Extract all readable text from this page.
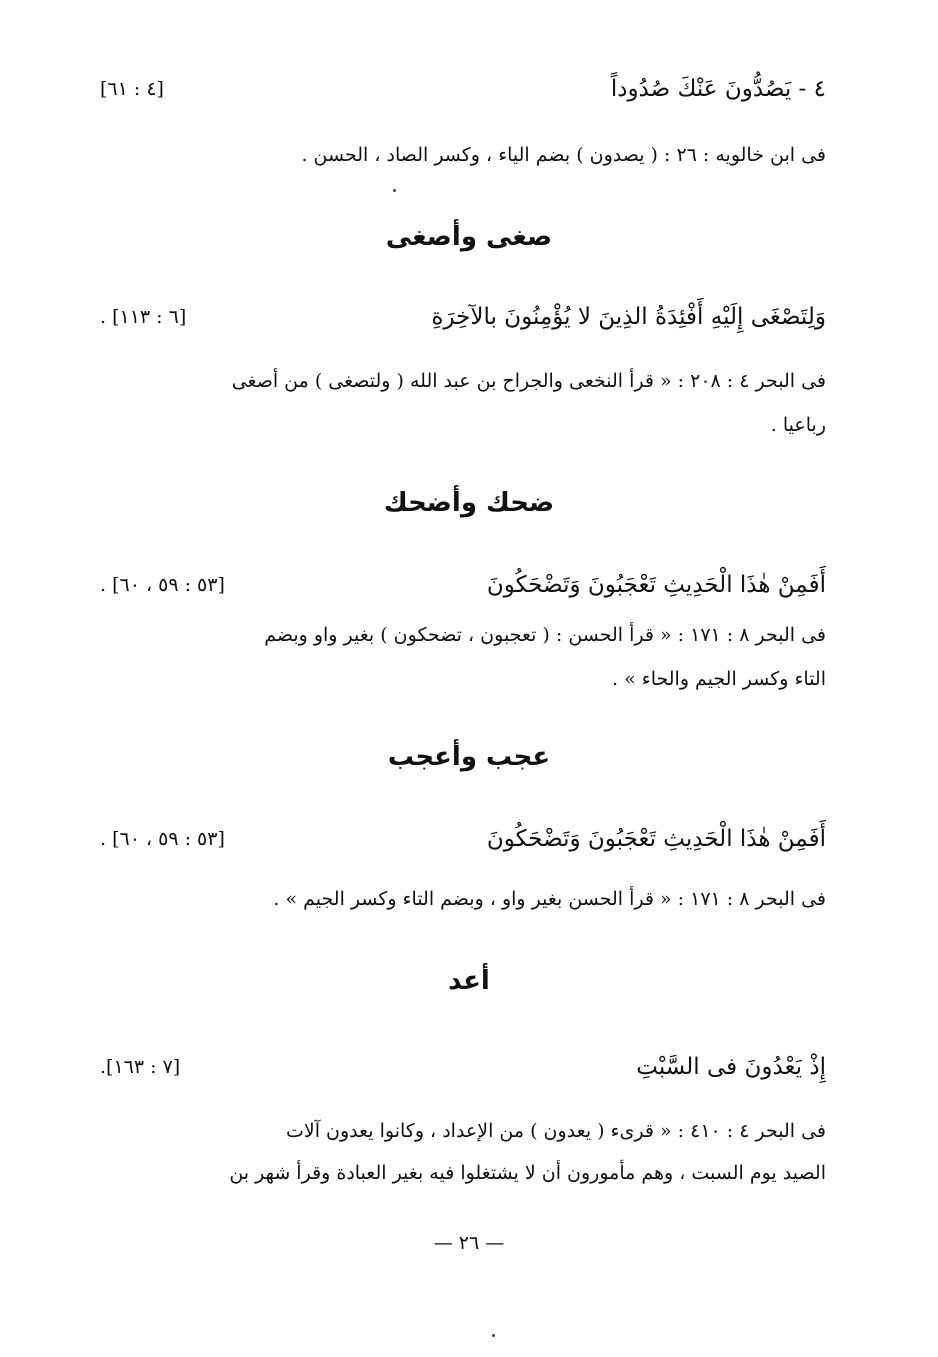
٤ - يَصُدُّونَ عَنْكَ صُدُوداً
[٤ : ٦١]
فى ابن خالويه : ٢٦ : ( يصدون ) بضم الياء ، وكسر الصاد ، الحسن .
صغى وأصغى
وَلِتَصْغَى إِلَيْهِ أَفْئِدَةُ الذِينَ لا يُؤْمِنُونَ بالآخِرَةِ
[٦ : ١١٣] .
فى البحر ٤ : ٢٠٨ : « قرأ النخعى والجراح بن عبد الله ( ولتصغى ) من أصغى
رباعيا .
ضحك وأضحك
أَفَمِنْ هٰذَا الْحَدِيثِ تَعْجَبُونَ وَتَضْحَكُونَ
[٥٣ : ٥٩ ، ٦٠] .
فى البحر ٨ : ١٧١ : « قرأ الحسن : ( تعجبون ، تضحكون ) بغير واو وبضم
التاء وكسر الجيم والحاء » .
عجب وأعجب
أَفَمِنْ هٰذَا الْحَدِيثِ تَعْجَبُونَ وَتَضْحَكُونَ
[٥٣ : ٥٩ ، ٦٠] .
فى البحر ٨ : ١٧١ : « قرأ الحسن بغير واو ، وبضم التاء وكسر الجيم » .
أعد
إِذْ يَعْدُونَ فى السَّبْتِ
[٧ : ١٦٣].
فى البحر ٤ : ٤١٠ : « قرىء ( يعدون ) من الإعداد ، وكانوا يعدون آلات
الصيد يوم السبت ، وهم مأمورون أن لا يشتغلوا فيه بغير العبادة وقرأ شهر بن
— ٢٦ —
